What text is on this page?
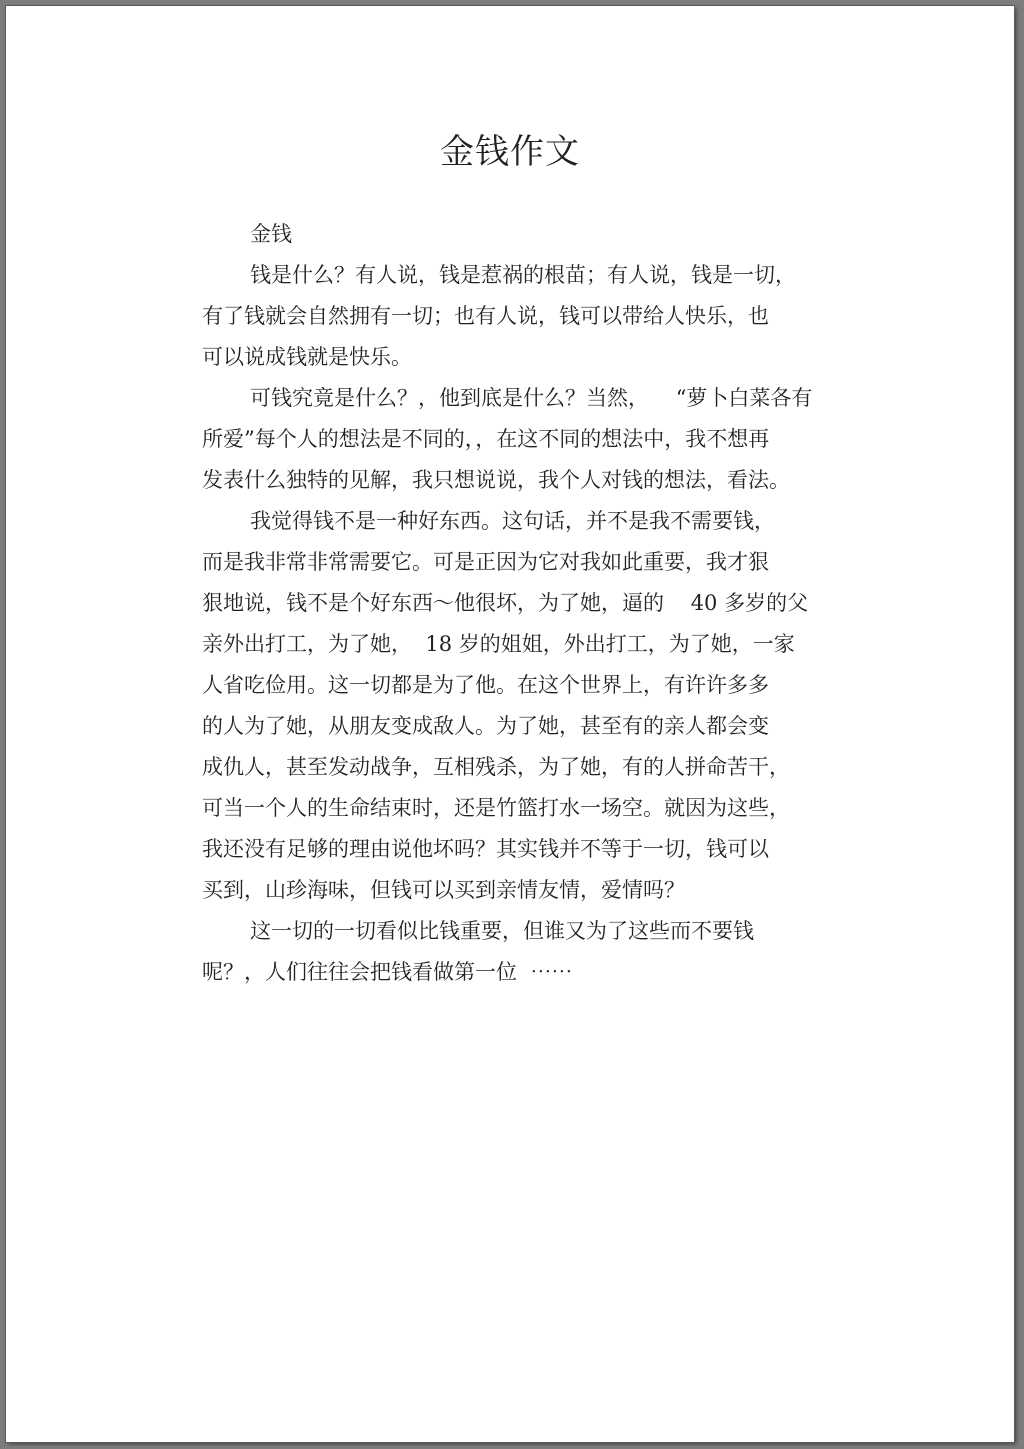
金钱作文
金钱
钱是什么？有人说，钱是惹祸的根苗；有人说，钱是一切，
有了钱就会自然拥有一切；也有人说，钱可以带给人快乐，也
可以说成钱就是快乐。
可钱究竟是什么？，他到底是什么？当然，    “萝卜白菜各有
所爱”每个人的想法是不同的，，在这不同的想法中，我不想再
发表什么独特的见解，我只想说说，我个人对钱的想法，看法。
我觉得钱不是一种好东西。这句话，并不是我不需要钱，
而是我非常非常需要它。可是正因为它对我如此重要，我才狠
狠地说，钱不是个好东西～他很坏，为了她，逼的    40 多岁的父
亲外出打工，为了她，  18 岁的姐姐，外出打工，为了她，一家
人省吃俭用。这一切都是为了他。在这个世界上，有许许多多
的人为了她，从朋友变成敌人。为了她，甚至有的亲人都会变
成仇人，甚至发动战争，互相残杀，为了她，有的人拼命苦干，
可当一个人的生命结束时，还是竹篮打水一场空。就因为这些，
我还没有足够的理由说他坏吗？其实钱并不等于一切，钱可以
买到，山珍海味，但钱可以买到亲情友情，爱情吗？
这一切的一切看似比钱重要，但谁又为了这些而不要钱
呢？，人们往往会把钱看做第一位  ⋯⋯
